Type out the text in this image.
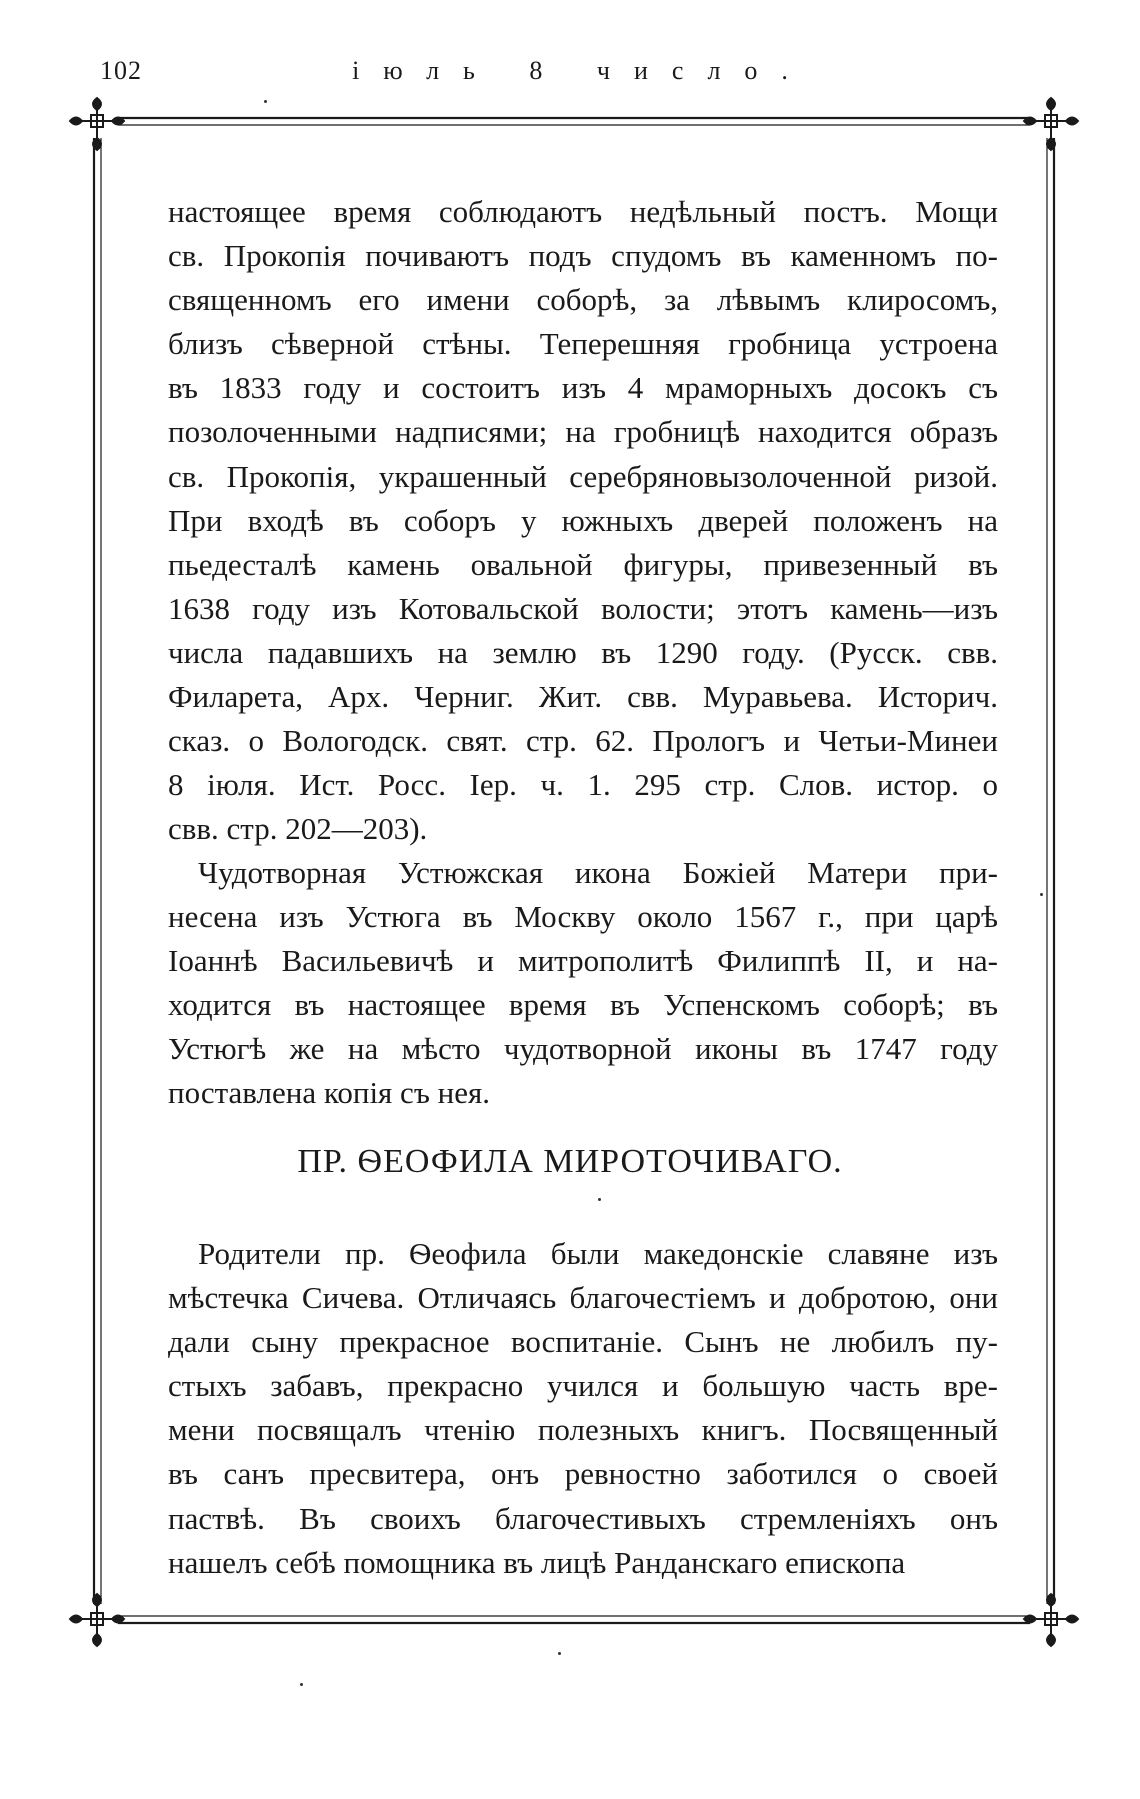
102	іюль 8 число.
настоящее время соблюдаютъ недѣльный постъ. Мощи
св. Прокопія почиваютъ подъ спудомъ въ каменномъ по-
священномъ его имени соборѣ, за лѣвымъ клиросомъ,
близъ сѣверной стѣны. Теперешняя гробница устроена
въ 1833 году и состоитъ изъ 4 мраморныхъ досокъ съ
позолоченными надписями; на гробницѣ находится образъ
св. Прокопія, украшенный серебряновызолоченной ризой.
При входѣ въ соборъ у южныхъ дверей положенъ на
пьедесталѣ камень овальной фигуры, привезенный въ
1638 году изъ Котовальской волости; этотъ камень—изъ
числа падавшихъ на землю въ 1290 году. (Русск. свв.
Филарета, Арх. Черниг. Жит. свв. Муравьева. Историч.
сказ. о Вологодск. свят. стр. 62. Прологъ и Четьи-Минеи
8 іюля. Ист. Росс. Іер. ч. 1. 295 стр. Слов. истор. о
свв. стр. 202—203).
Чудотворная Устюжская икона Божіей Матери при-
несена изъ Устюга въ Москву около 1567 г., при царѣ
Іоаннѣ Васильевичѣ и митрополитѣ Филиппѣ II, и на-
ходится въ настоящее время въ Успенскомъ соборѣ; въ
Устюгѣ же на мѣсто чудотворной иконы въ 1747 году
поставлена копія съ нея.
ПР. ѲЕОФИЛА МИРОТОЧИВАГО.
Родители пр. Ѳеофила были македонскіе славяне изъ
мѣстечка Сичева. Отличаясь благочестіемъ и добротою, они
дали сыну прекрасное воспитаніе. Сынъ не любилъ пу-
стыхъ забавъ, прекрасно учился и большую часть вре-
мени посвящалъ чтенію полезныхъ книгъ. Посвященный
въ санъ пресвитера, онъ ревностно заботился о своей
паствѣ. Въ своихъ благочестивыхъ стремленіяхъ онъ
нашелъ себѣ помощника въ лицѣ Ранданскаго епископа
